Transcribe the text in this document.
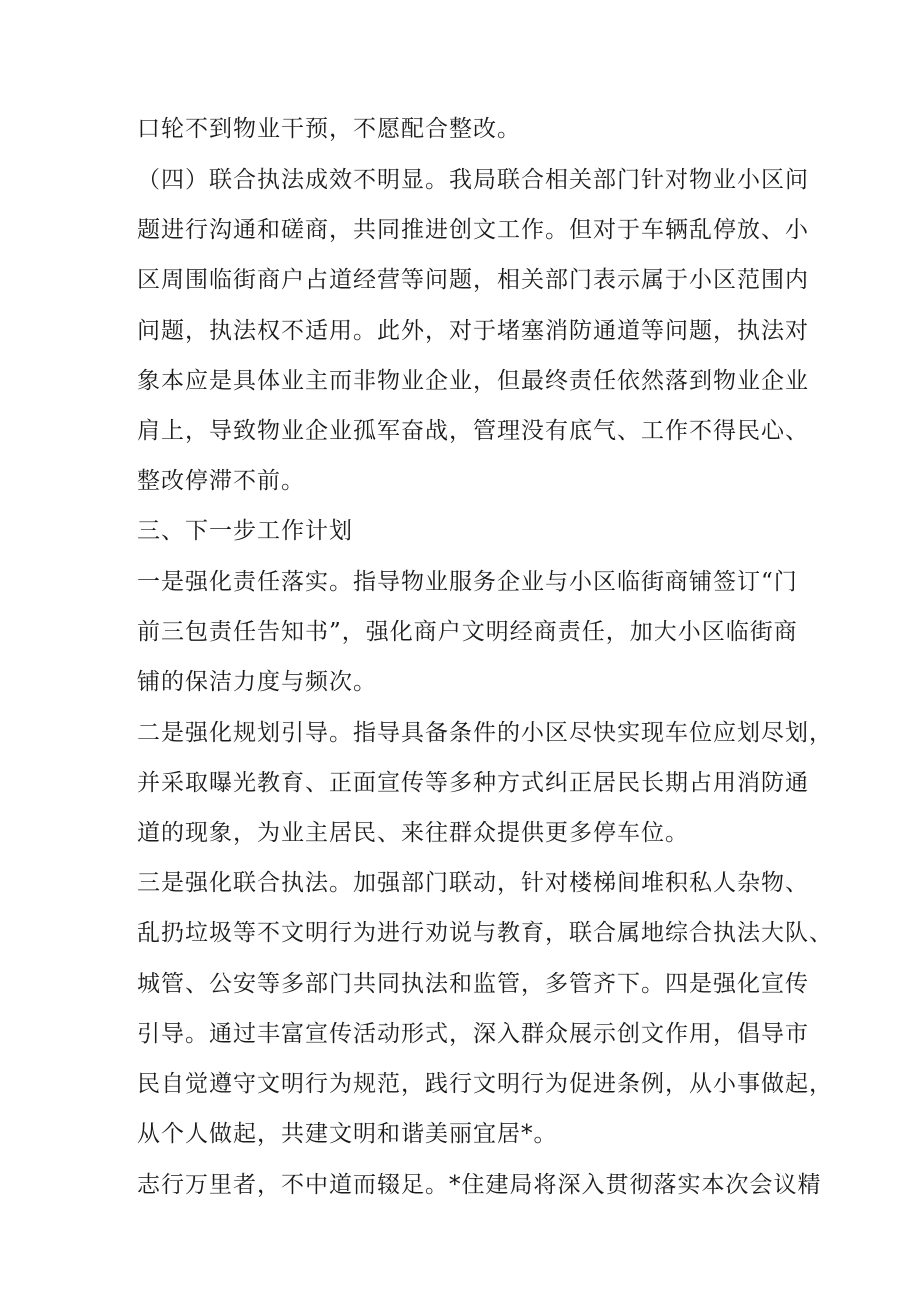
口轮不到物业干预，不愿配合整改。
（四）联合执法成效不明显。我局联合相关部门针对物业小区问
题进行沟通和磋商，共同推进创文工作。但对于车辆乱停放、小
区周围临街商户占道经营等问题，相关部门表示属于小区范围内
问题，执法权不适用。此外，对于堵塞消防通道等问题，执法对
象本应是具体业主而非物业企业，但最终责任依然落到物业企业
肩上，导致物业企业孤军奋战，管理没有底气、工作不得民心、
整改停滞不前。
三、下一步工作计划
一是强化责任落实。指导物业服务企业与小区临街商铺签订“门
前三包责任告知书”，强化商户文明经商责任，加大小区临街商
铺的保洁力度与频次。
二是强化规划引导。指导具备条件的小区尽快实现车位应划尽划，
并采取曝光教育、正面宣传等多种方式纠正居民长期占用消防通
道的现象，为业主居民、来往群众提供更多停车位。
三是强化联合执法。加强部门联动，针对楼梯间堆积私人杂物、
乱扔垃圾等不文明行为进行劝说与教育，联合属地综合执法大队、
城管、公安等多部门共同执法和监管，多管齐下。四是强化宣传
引导。通过丰富宣传活动形式，深入群众展示创文作用，倡导市
民自觉遵守文明行为规范，践行文明行为促进条例，从小事做起，
从个人做起，共建文明和谐美丽宜居*。
志行万里者，不中道而辍足。*住建局将深入贯彻落实本次会议精
